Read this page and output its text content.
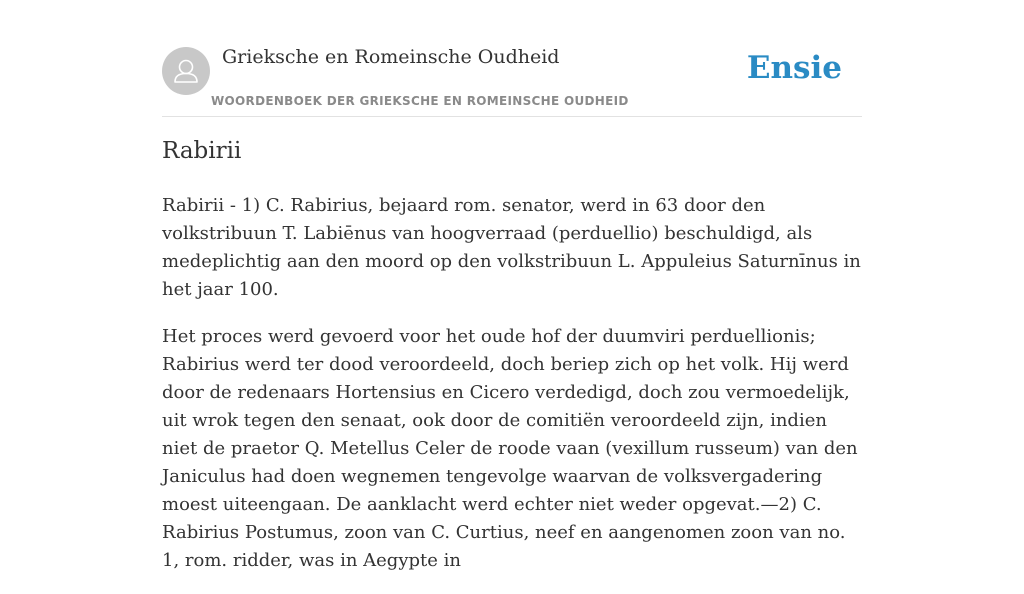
Grieksche en Romeinsche Oudheid
WOORDENBOEK DER GRIEKSCHE EN ROMEINSCHE OUDHEID
Ensie
Rabirii

Rabirii - 1) C. Rabirius, bejaard rom. senator, werd in 63 door den volkstribuun T. Labiēnus van hoogverraad (perduellio) beschuldigd, als medeplichtig aan den moord op den volkstribuun L. Appuleius Saturnīnus in het jaar 100.

Het proces werd gevoerd voor het oude hof der duumviri perduellionis; Rabirius werd ter dood veroordeeld, doch beriep zich op het volk. Hij werd door de redenaars Hortensius en Cicero verdedigd, doch zou vermoedelijk, uit wrok tegen den senaat, ook door de comitiën veroordeeld zijn, indien niet de praetor Q. Metellus Celer de roode vaan (vexillum russeum) van den Janiculus had doen wegnemen tengevolge waarvan de volksvergadering moest uiteengaan. De aanklacht werd echter niet weder opgevat.—2) C. Rabirius Postumus, zoon van C. Curtius, neef en aangenomen zoon van no. 1, rom. ridder, was in Aegypte in
